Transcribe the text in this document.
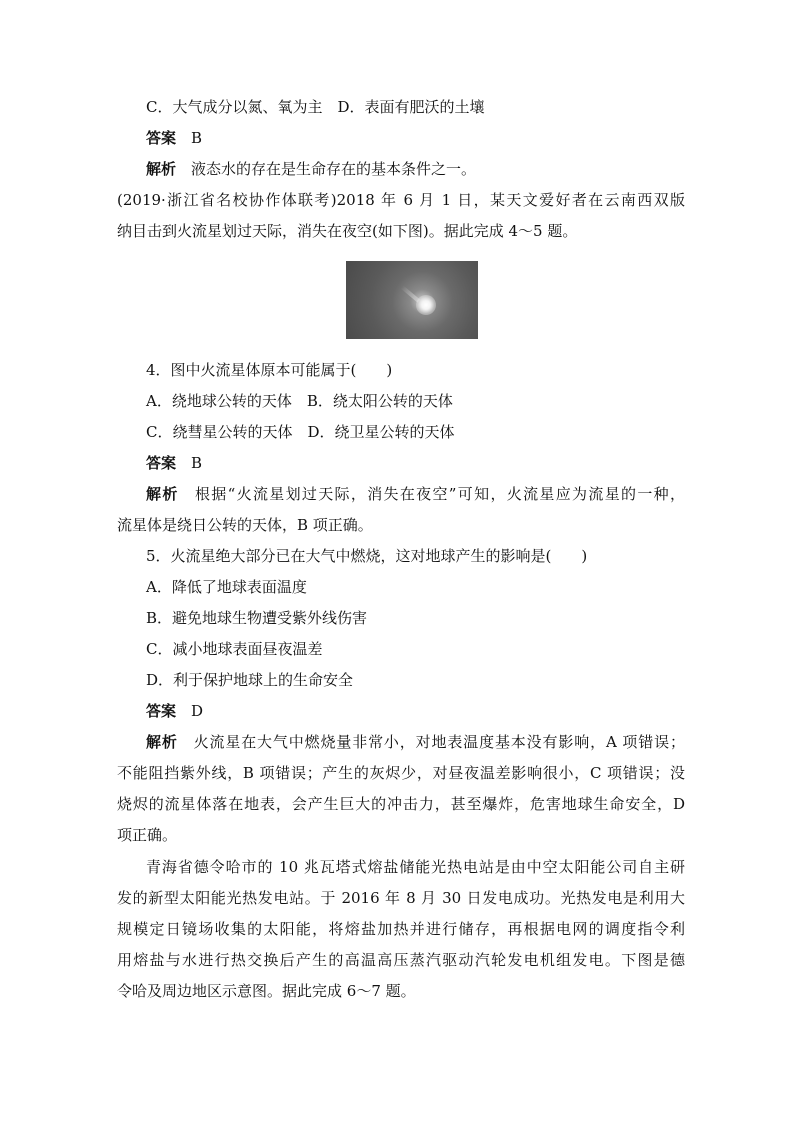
C．大气成分以氮、氧为主　D．表面有肥沃的土壤
答案　 B
解析　 液态水的存在是生命存在的基本条件之一。
(2019·浙江省名校协作体联考)2018 年 6 月 1 日，某天文爱好者在云南西双版
纳目击到火流星划过天际，消失在夜空(如下图)。据此完成 4～5 题。
4．图中火流星体原本可能属于(　　)
A．绕地球公转的天体　B．绕太阳公转的天体
C．绕彗星公转的天体　D．绕卫星公转的天体
答案　 B
解析　 根据“火流星划过天际，消失在夜空”可知，火流星应为流星的一种，
流星体是绕日公转的天体，B 项正确。
5．火流星绝大部分已在大气中燃烧，这对地球产生的影响是(　　)
A．降低了地球表面温度
B．避免地球生物遭受紫外线伤害
C．减小地球表面昼夜温差
D．利于保护地球上的生命安全
答案　 D
解析　 火流星在大气中燃烧量非常小，对地表温度基本没有影响，A 项错误；
不能阻挡紫外线，B 项错误；产生的灰烬少，对昼夜温差影响很小，C 项错误；没
烧烬的流星体落在地表，会产生巨大的冲击力，甚至爆炸，危害地球生命安全，D
项正确。
青海省德令哈市的 10 兆瓦塔式熔盐储能光热电站是由中空太阳能公司自主研
发的新型太阳能光热发电站。于 2016 年 8 月 30 日发电成功。光热发电是利用大
规模定日镜场收集的太阳能，将熔盐加热并进行储存，再根据电网的调度指令利
用熔盐与水进行热交换后产生的高温高压蒸汽驱动汽轮发电机组发电。下图是德
令哈及周边地区示意图。据此完成 6～7 题。
